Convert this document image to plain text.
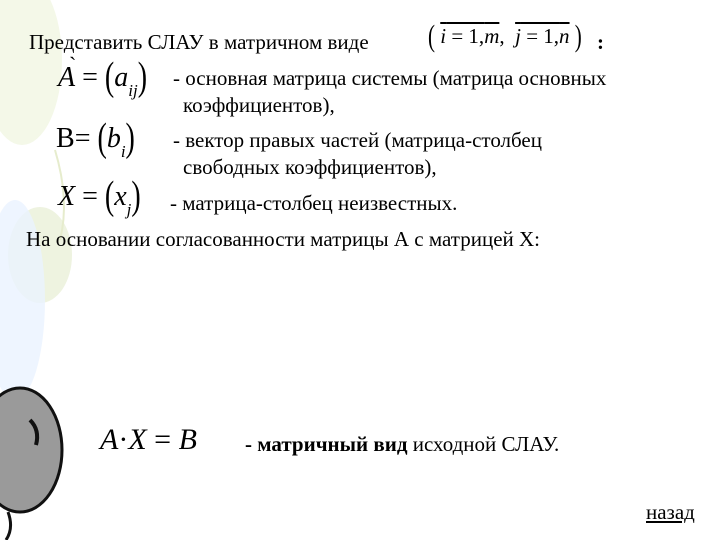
Представить СЛАУ в матричном виде	( $\overline{i} = 1,\overline{m}$, $\overline{j} = 1,\overline{n}$ ) :
` $A = (a_{ij})$ - основная матрица системы (матрица основных
коэффициентов),
$B= (b_i)$ - вектор правых частей (матрица-столбец
свободных коэффициентов),
$X = (x_j)$ - матрица-столбец неизвестных.
На основании согласованности матрицы А с матрицей Х:
A·X = B - матричный вид исходной СЛАУ.
назад
